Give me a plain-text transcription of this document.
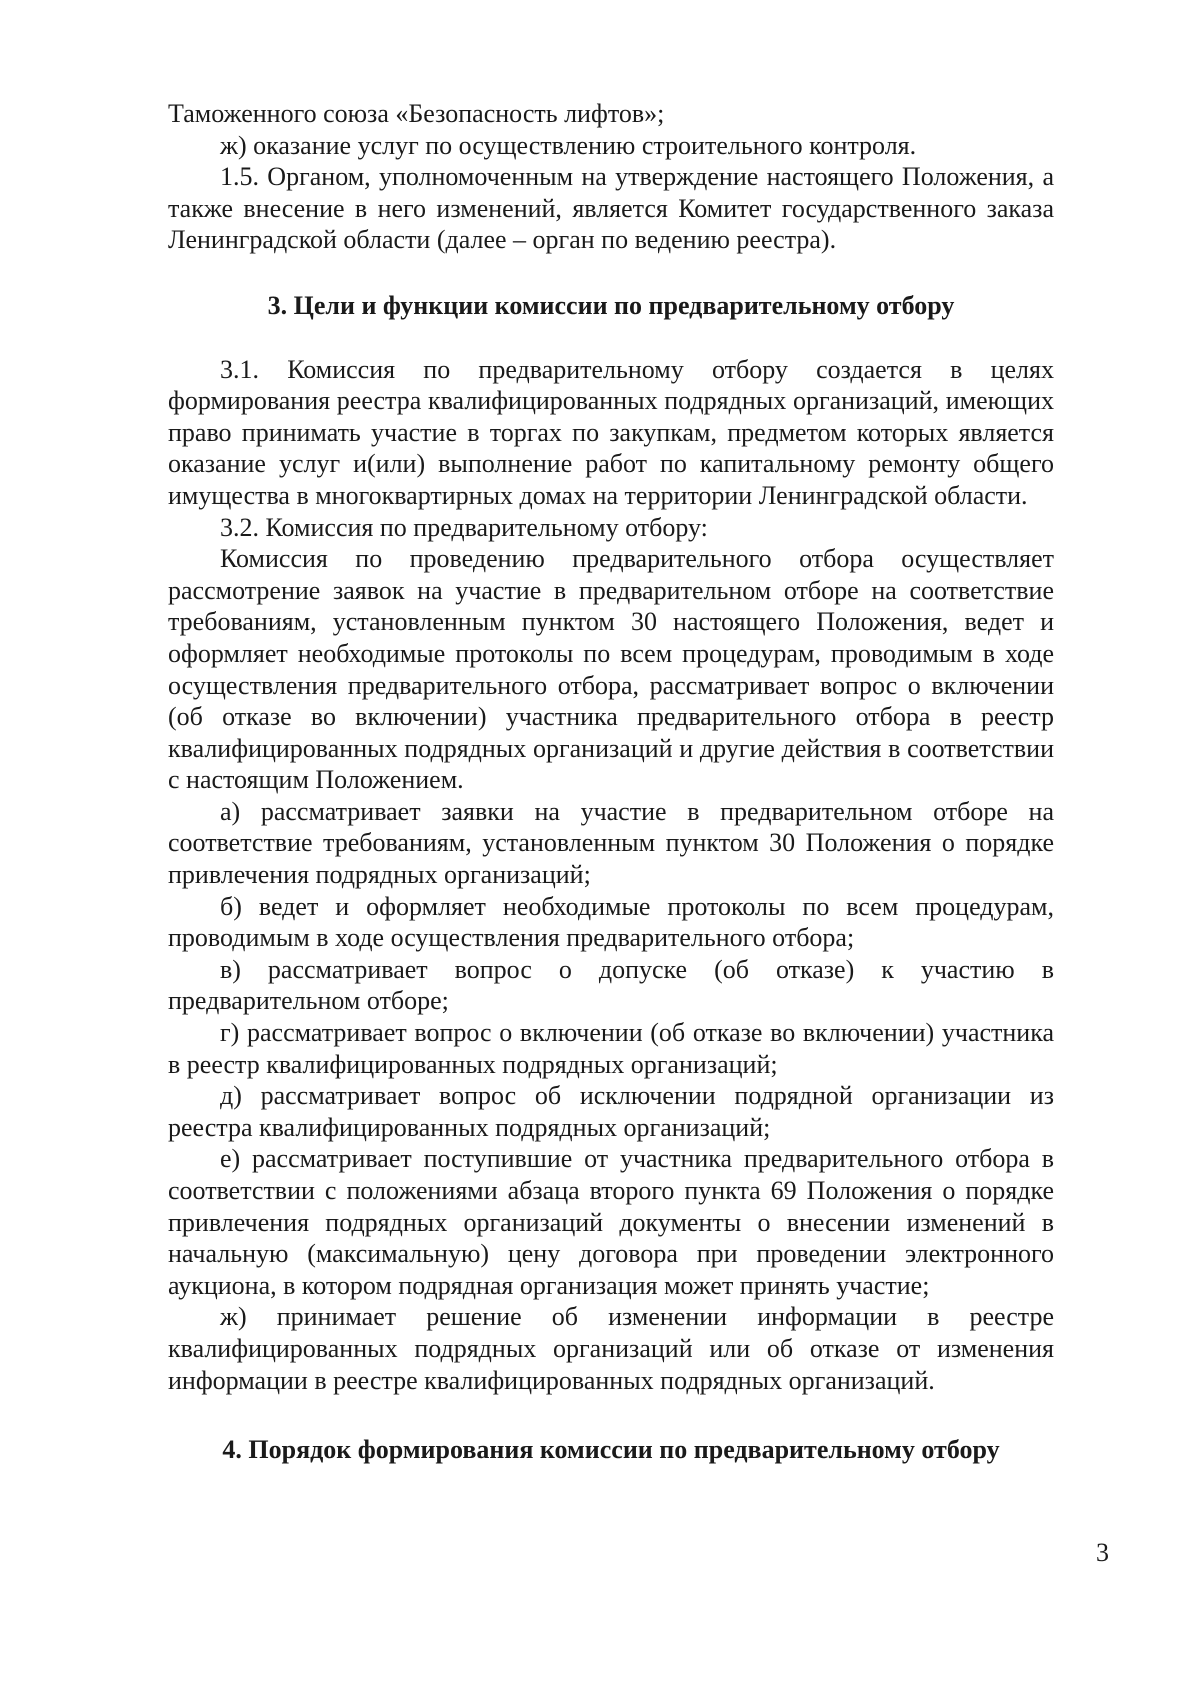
Таможенного союза «Безопасность лифтов»;

ж) оказание услуг по осуществлению строительного контроля.

1.5. Органом, уполномоченным на утверждение настоящего Положения, а также внесение в него изменений, является Комитет государственного заказа Ленинградской области (далее – орган по ведению реестра).

3. Цели и функции комиссии по предварительному отбору

3.1. Комиссия по предварительному отбору создается в целях формирования реестра квалифицированных подрядных организаций, имеющих право принимать участие в торгах по закупкам, предметом которых является оказание услуг и(или) выполнение работ по капитальному ремонту общего имущества в многоквартирных домах на территории Ленинградской области.

3.2. Комиссия по предварительному отбору:

Комиссия по проведению предварительного отбора осуществляет рассмотрение заявок на участие в предварительном отборе на соответствие требованиям, установленным пунктом 30 настоящего Положения, ведет и оформляет необходимые протоколы по всем процедурам, проводимым в ходе осуществления предварительного отбора, рассматривает вопрос о включении (об отказе во включении) участника предварительного отбора в реестр квалифицированных подрядных организаций и другие действия в соответствии с настоящим Положением.

а) рассматривает заявки на участие в предварительном отборе на соответствие требованиям, установленным пунктом 30 Положения о порядке привлечения подрядных организаций;

б) ведет и оформляет необходимые протоколы по всем процедурам, проводимым в ходе осуществления предварительного отбора;

в) рассматривает вопрос о допуске (об отказе) к участию в предварительном отборе;

г) рассматривает вопрос о включении (об отказе во включении) участника в реестр квалифицированных подрядных организаций;

д) рассматривает вопрос об исключении подрядной организации из реестра квалифицированных подрядных организаций;

е) рассматривает поступившие от участника предварительного отбора в соответствии с положениями абзаца второго пункта 69 Положения о порядке привлечения подрядных организаций документы о внесении изменений в начальную (максимальную) цену договора при проведении электронного аукциона, в котором подрядная организация может принять участие;

ж) принимает решение об изменении информации в реестре квалифицированных подрядных организаций или об отказе от изменения информации в реестре квалифицированных подрядных организаций.

4. Порядок формирования комиссии по предварительному отбору

3
